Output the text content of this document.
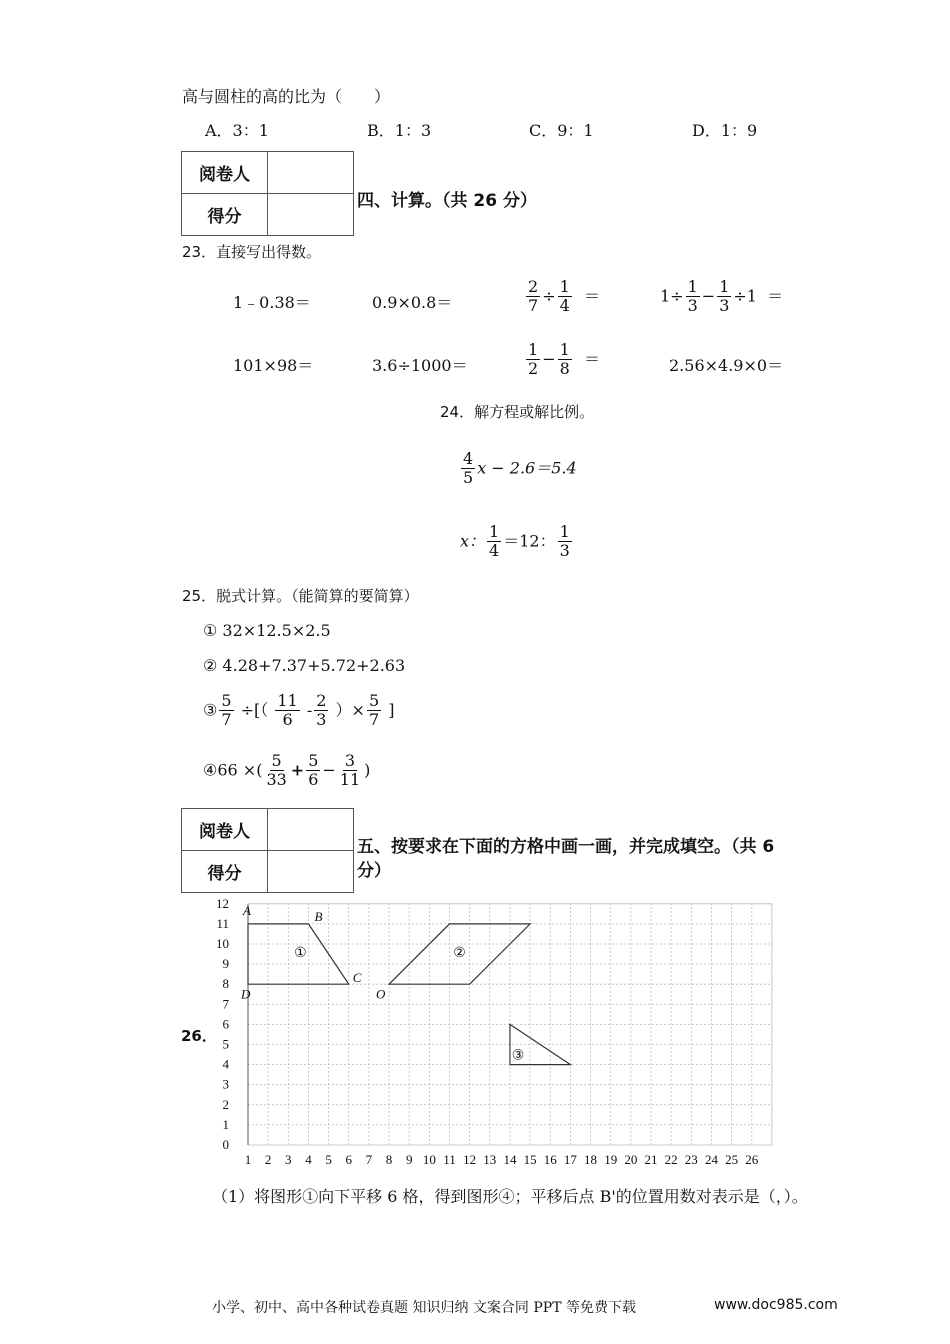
高与圆柱的高的比为（　　）
A．3：1	B．1：3	C．9：1	D．1：9
阅卷人	
得分	
四、计算。（共 26 分）
23．直接写出得数。
1﹣0.38＝	0.9×0.8＝	$\frac{2}{7} \div \frac{1}{4}$ ＝	$1\div \frac{1}{3} - \frac{1}{3} \div 1$ ＝
101×98＝	3.6÷1000＝	$\frac{1}{2} - \frac{1}{8}$ ＝	2.56×4.9×0＝
24．解方程或解比例。
$\frac{4}{5}$ x − 2.6＝5.4
x： $\frac{1}{4} =12$： $\frac{1}{3}$
25．脱式计算。（能简算的要简算）
① 32×12.5×2.5
② 4.28+7.37+5.72+2.63
③ $\frac{5}{7}$ ÷[（ $\frac{11}{6} - \frac{2}{3}$ ）× $\frac{5}{7}$ ]
④66 ×( $\frac{5}{33} + \frac{5}{6} - \frac{3}{11}$ )
阅卷人	
得分	
五、按要求在下面的方格中画一画，并完成填空。（共 6
分）
26．
1 2 3 4 5 6 7 8 9 10 11 12 13 14 15 16 17 18 19 20 21 22 23 24 25 26
0
1
2
3
4
5
6
7
8
9
10
11
12
①	②
③
A	B
C
D	O
（1）将图形①向下平移 6 格，得到图形④；平移后点 B'的位置用数对表示是（，）。
小学、初中、高中各种试卷真题 知识归纳 文案合同 PPT 等免费下载	www.doc985.com
